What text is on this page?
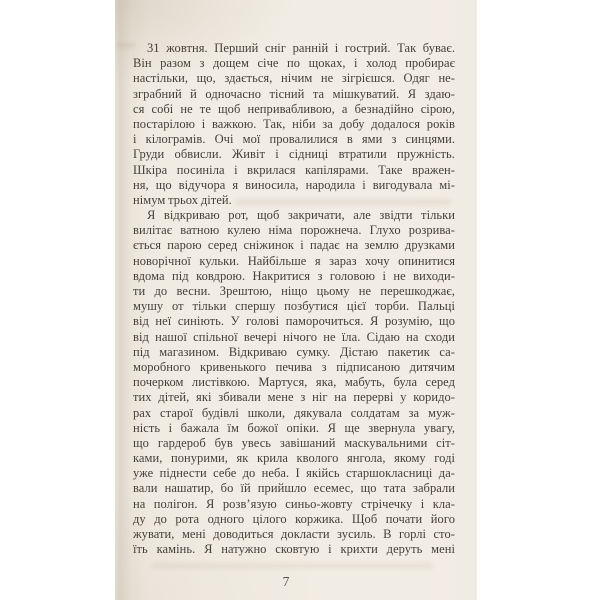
31 жовтня. Перший сніг ранній і гострий. Так буває.
Він разом з дощем січе по щоках, і холод пробирає
настільки, що, здається, нічим не зігрієшся. Одяг не-
зграбний й одночасно тісний та мішкуватий. Я здаю-
ся собі не те щоб непривабливою, а безнадійно сірою,
постарілою і важкою. Так, ніби за добу додалося років
і кілограмів. Очі мої провалилися в ями з синцями.
Груди обвисли. Живіт і сідниці втратили пружність.
Шкіра посиніла і вкрилася капілярами. Таке вражен-
ня, що відучора я виносила, народила і вигодувала мі-
німум трьох дітей.
Я відкриваю рот, щоб закричати, але звідти тільки
вилітає ватною кулею німа порожнеча. Глухо розрива-
ється парою серед сніжинок і падає на землю друзками
новорічної кульки. Найбільше я зараз хочу опинитися
вдома під ковдрою. Накритися з головою і не виходи-
ти до весни. Зрештою, ніщо цьому не перешкоджає,
мушу от тільки спершу позбутися цієї торби. Пальці
від неї синіють. У голові паморочиться. Я розумію, що
від нашої спільної вечері нічого не їла. Сідаю на сходи
під магазином. Відкриваю сумку. Дістаю пакетик са-
моробного кривенького печива з підписаною дитячим
почерком листівкою. Мартуся, яка, мабуть, була серед
тих дітей, які збивали мене з ніг на перерві у коридо-
рах старої будівлі школи, дякувала солдатам за муж-
ність і бажала їм божої опіки. Я ще звернула увагу,
що гардероб був увесь завішаний маскувальними сіт-
ками, понурими, як крила кволого янгола, якому годі
уже піднести себе до неба. І якійсь старшокласниці да-
вали нашатир, бо їй прийшло есемес, що тата забрали
на полігон. Я розв’язую синьо-жовту стрічечку і кла-
ду до рота одного цілого коржика. Щоб почати його
жувати, мені доводиться докласти зусиль. В горлі сто-
їть камінь. Я натужно сковтую і крихти деруть мені
7
